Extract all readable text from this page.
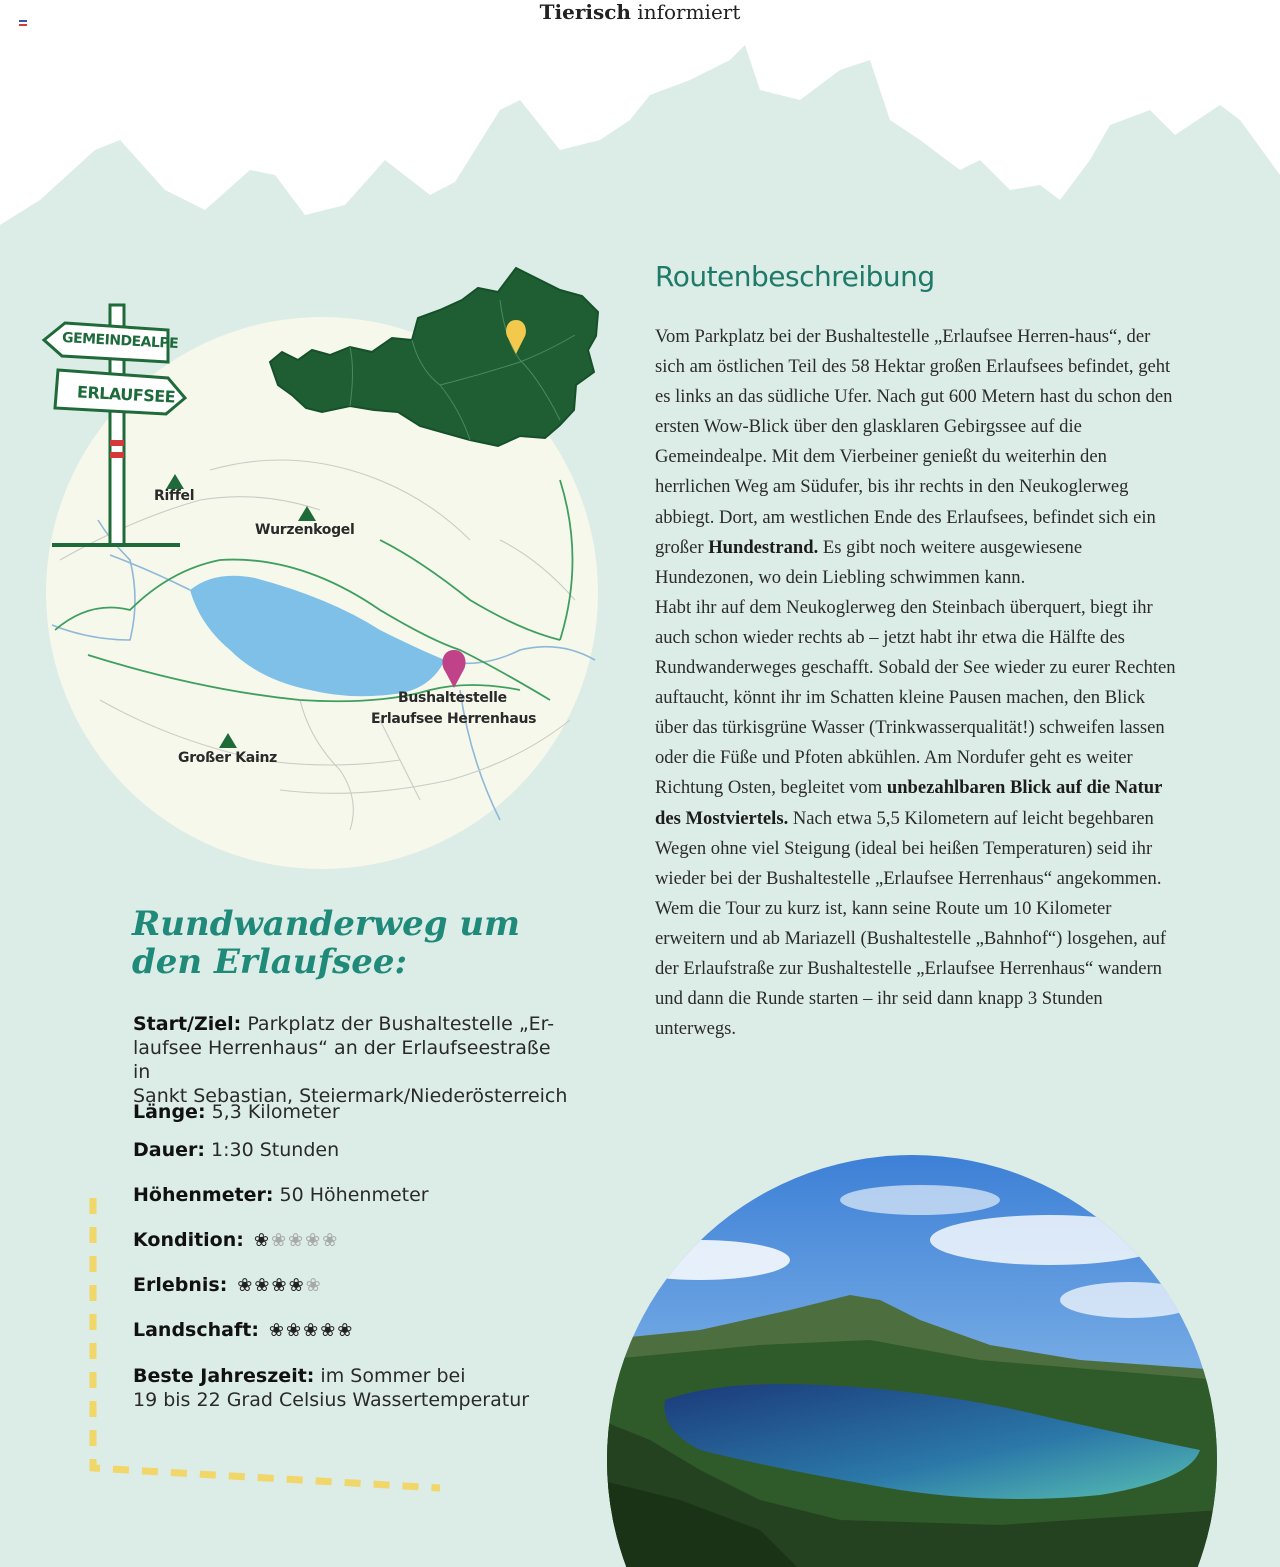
Tierisch informiert
GEMEINDEALPE
ERLAUFSEE
Riffel
Wurzenkogel
Großer Kainz
Bushaltestelle
Erlaufsee Herrenhaus
Routenbeschreibung

Vom Parkplatz bei der Bushaltestelle „Erlaufsee Herren-haus“, der sich am östlichen Teil des 58 Hektar großen Erlaufsees befindet, geht es links an das südliche Ufer. Nach gut 600 Metern hast du schon den ersten Wow-Blick über den glasklaren Gebirgssee auf die Gemeindealpe. Mit dem Vierbeiner genießt du weiterhin den herrlichen Weg am Südufer, bis ihr rechts in den Neukoglerweg abbiegt. Dort, am westlichen Ende des Erlaufsees, befindet sich ein großer Hundestrand. Es gibt noch weitere ausgewiesene Hundezonen, wo dein Liebling schwimmen kann.

Habt ihr auf dem Neukoglerweg den Steinbach überquert, biegt ihr auch schon wieder rechts ab – jetzt habt ihr etwa die Hälfte des Rundwanderweges geschafft. Sobald der See wieder zu eurer Rechten auftaucht, könnt ihr im Schatten kleine Pausen machen, den Blick über das türkisgrüne Wasser (Trinkwasserqualität!) schweifen lassen oder die Füße und Pfoten abkühlen. Am Nordufer geht es weiter Richtung Osten, begleitet vom unbezahlbaren Blick auf die Natur des Mostviertels. Nach etwa 5,5 Kilometern auf leicht begehbaren Wegen ohne viel Steigung (ideal bei heißen Temperaturen) seid ihr wieder bei der Bushaltestelle „Erlaufsee Herrenhaus“ angekommen. Wem die Tour zu kurz ist, kann seine Route um 10 Kilometer erweitern und ab Mariazell (Bushaltestelle „Bahnhof“) losgehen, auf der Erlaufstraße zur Bushaltestelle „Erlaufsee Herrenhaus“ wandern und dann die Runde starten – ihr seid dann knapp 3 Stunden unterwegs.

Rundwanderweg um
den Erlaufsee:
Start/Ziel: Parkplatz der Bushaltestelle „Er-
laufsee Herrenhaus“ an der Erlaufseestraße in
Sankt Sebastian, Steiermark/Niederösterreich
Länge: 5,3 Kilometer
Dauer: 1:30 Stunden
Höhenmeter: 50 Höhenmeter
Kondition: ❀❀❀❀❀
Erlebnis: ❀❀❀❀❀
Landschaft: ❀❀❀❀❀
Beste Jahreszeit: im Sommer bei
19 bis 22 Grad Celsius Wassertemperatur
